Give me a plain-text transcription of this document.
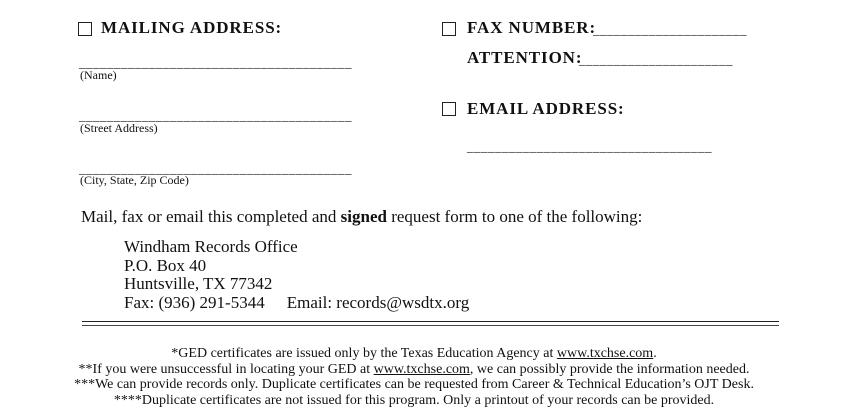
MAILING ADDRESS:
_______________________________________
(Name)
_______________________________________
(Street Address)
_______________________________________
(City, State, Zip Code)
FAX NUMBER:
______________________
ATTENTION:
______________________
EMAIL ADDRESS:
___________________________________
Mail, fax or email this completed and signed request form to one of the following:
Windham Records Office
P.O. Box 40
Huntsville, TX 77342
Fax: (936) 291-5344 Email: records@wsdtx.org
*GED certificates are issued only by the Texas Education Agency at www.txchse.com.
**If you were unsuccessful in locating your GED at www.txchse.com, we can possibly provide the information needed.
***We can provide records only. Duplicate certificates can be requested from Career & Technical Education’s OJT Desk.
****Duplicate certificates are not issued for this program. Only a printout of your records can be provided.
